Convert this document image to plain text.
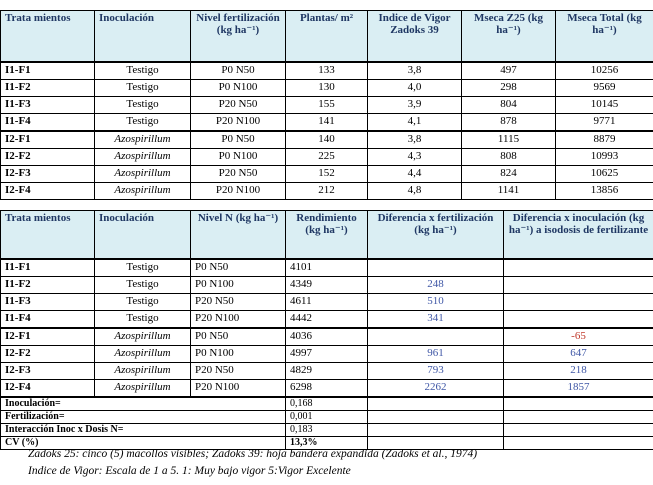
Trata mientos	Inoculación	Nivel fertilización (kg ha⁻¹)	Plantas/ m²	Indice de Vigor Zadoks 39	Mseca Z25 (kg ha⁻¹)	Mseca Total (kg ha⁻¹)
I1-F1	Testigo	P0 N50	133	3,8	497	10256
I1-F2	Testigo	P0 N100	130	4,0	298	9569
I1-F3	Testigo	P20 N50	155	3,9	804	10145
I1-F4	Testigo	P20 N100	141	4,1	878	9771
I2-F1	Azospirillum	P0 N50	140	3,8	1115	8879
I2-F2	Azospirillum	P0 N100	225	4,3	808	10993
I2-F3	Azospirillum	P20 N50	152	4,4	824	10625
I2-F4	Azospirillum	P20 N100	212	4,8	1141	13856
Trata mientos	Inoculación	Nivel N (kg ha⁻¹)	Rendimiento (kg ha⁻¹)	Diferencia x fertilización (kg ha⁻¹)	Diferencia x inoculación (kg ha⁻¹) a isodosis de fertilizante
I1-F1	Testigo	P0 N50	4101		
I1-F2	Testigo	P0 N100	4349	248	
I1-F3	Testigo	P20 N50	4611	510	
I1-F4	Testigo	P20 N100	4442	341	
I2-F1	Azospirillum	P0 N50	4036		-65
I2-F2	Azospirillum	P0 N100	4997	961	647
I2-F3	Azospirillum	P20 N50	4829	793	218
I2-F4	Azospirillum	P20 N100	6298	2262	1857
Inoculación=			0,168		
Fertilización=			0,001		
Interacción Inoc x Dosis N=			0,183		
CV (%)			13,3%		
Zadoks 25: cinco (5) macollos visibles; Zadoks 39: hoja bandera expandida (Zadoks et al., 1974)
Indice de Vigor: Escala de 1 a 5. 1: Muy bajo vigor 5:Vigor Excelente
